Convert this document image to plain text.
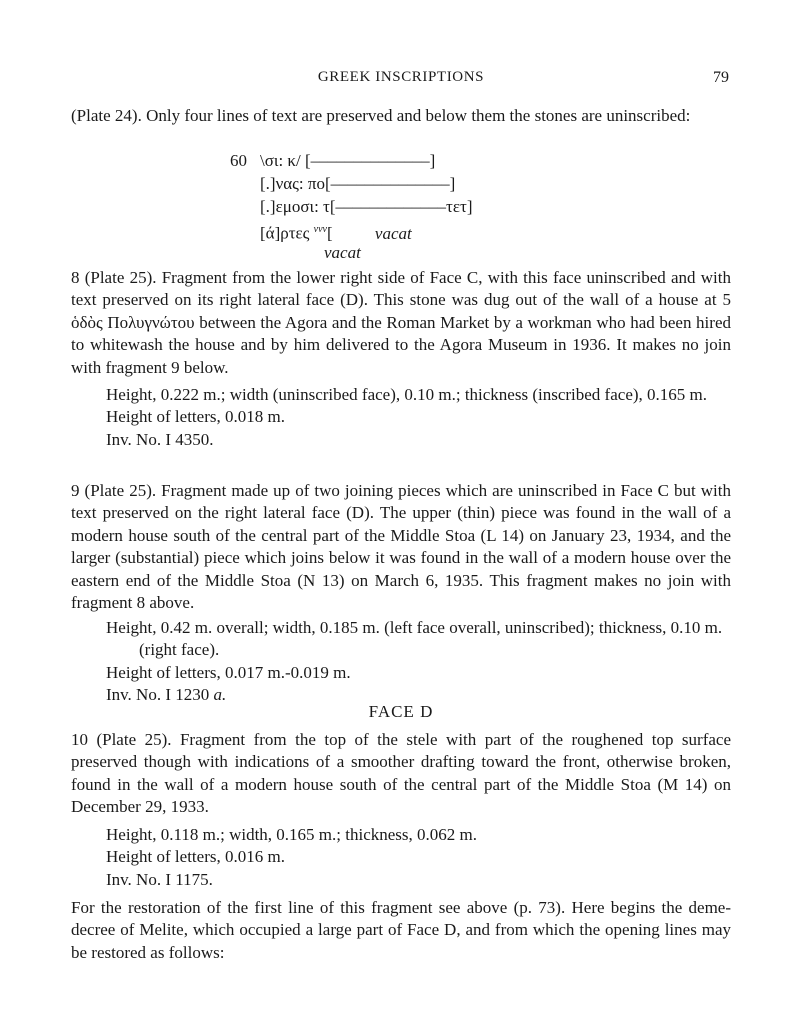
GREEK INSCRIPTIONS	79

(Plate 24). Only four lines of text are preserved and below them the stones are uninscribed:

60 \σι: κ/ [––––––––––––––]
[.]νας: πο[––––––––––––––]
[.]εμοσι: τ[–––––––––––––τετ]
[ά]ρτες $^{vvv}$[ vacat
vacat

8 (Plate 25). Fragment from the lower right side of Face C, with this face uninscribed and with text preserved on its right lateral face (D). This stone was dug out of the wall of a house at 5 ὁδὸς Πολυγνώτου between the Agora and the Roman Market by a workman who had been hired to whitewash the house and by him delivered to the Agora Museum in 1936. It makes no join with fragment 9 below.

Height, 0.222 m.; width (uninscribed face), 0.10 m.; thickness (inscribed face), 0.165 m.

Height of letters, 0.018 m.

Inv. No. I 4350.

9 (Plate 25). Fragment made up of two joining pieces which are uninscribed in Face C but with text preserved on the right lateral face (D). The upper (thin) piece was found in the wall of a modern house south of the central part of the Middle Stoa (L 14) on January 23, 1934, and the larger (substantial) piece which joins below it was found in the wall of a modern house over the eastern end of the Middle Stoa (N 13) on March 6, 1935. This fragment makes no join with fragment 8 above.

Height, 0.42 m. overall; width, 0.185 m. (left face overall, uninscribed); thickness, 0.10 m. (right face).

Height of letters, 0.017 m.-0.019 m.

Inv. No. I 1230 a.

FACE D

10 (Plate 25). Fragment from the top of the stele with part of the roughened top surface preserved though with indications of a smoother drafting toward the front, otherwise broken, found in the wall of a modern house south of the central part of the Middle Stoa (M 14) on December 29, 1933.

Height, 0.118 m.; width, 0.165 m.; thickness, 0.062 m.

Height of letters, 0.016 m.

Inv. No. I 1175.

For the restoration of the first line of this fragment see above (p. 73). Here begins the deme-decree of Melite, which occupied a large part of Face D, and from which the opening lines may be restored as follows:
